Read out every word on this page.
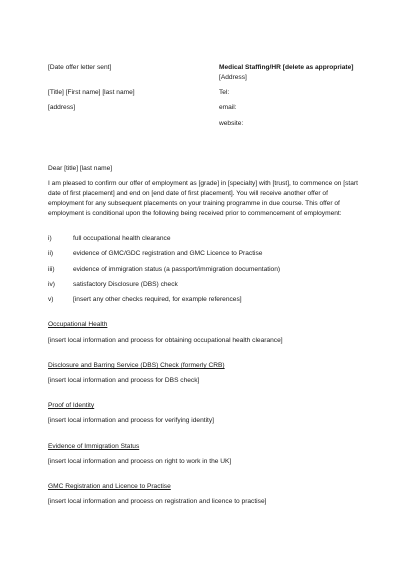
[Date offer letter sent]
[Title] [First name] [last name]
[address]
Medical Staffing/HR [delete as appropriate]
[Address]
Tel:
email:
website:
Dear [title] [last name]
I am pleased to confirm our offer of employment as [grade] in [specialty] with [trust], to commence on [start date of first placement] and end on [end date of first placement]. You will receive another offer of employment for any subsequent placements on your training programme in due course. This offer of employment is conditional upon the following being received prior to commencement of employment:
i)	full occupational health clearance
ii)	evidence of GMC/GDC registration and GMC Licence to Practise
iii)	evidence of immigration status (a passport/immigration documentation)
iv)	satisfactory Disclosure (DBS) check
v)	[insert any other checks required, for example references]
Occupational Health
[insert local information and process for obtaining occupational health clearance]
Disclosure and Barring Service (DBS) Check (formerly CRB)
[insert local information and process for DBS check]
Proof of Identity
[insert local information and process for verifying identity]
Evidence of Immigration Status
[insert local information and process on right to work in the UK]
GMC Registration and Licence to Practise
[insert local information and process on registration and licence to practise]
